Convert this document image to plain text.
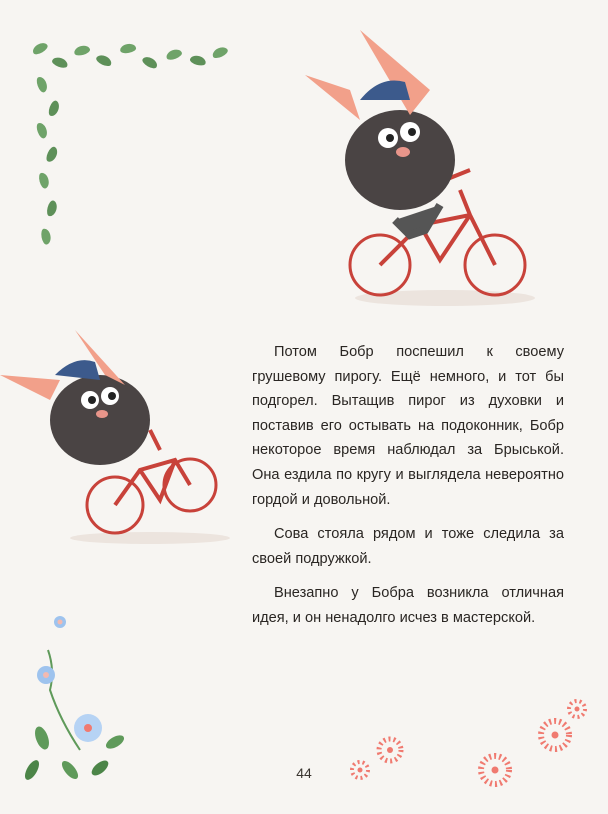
Потом Бобр поспешил к своему грушевому пирогу. Ещё немного, и тот бы подгорел. Вытащив пирог из духовки и поставив его остывать на подоконник, Бобр некоторое время наблюдал за Брыськой. Она ездила по кругу и выглядела невероятно гордой и довольной.

Сова стояла рядом и тоже следила за своей подружкой.

Внезапно у Бобра возникла отличная идея, и он ненадолго исчез в мастерской.

44
